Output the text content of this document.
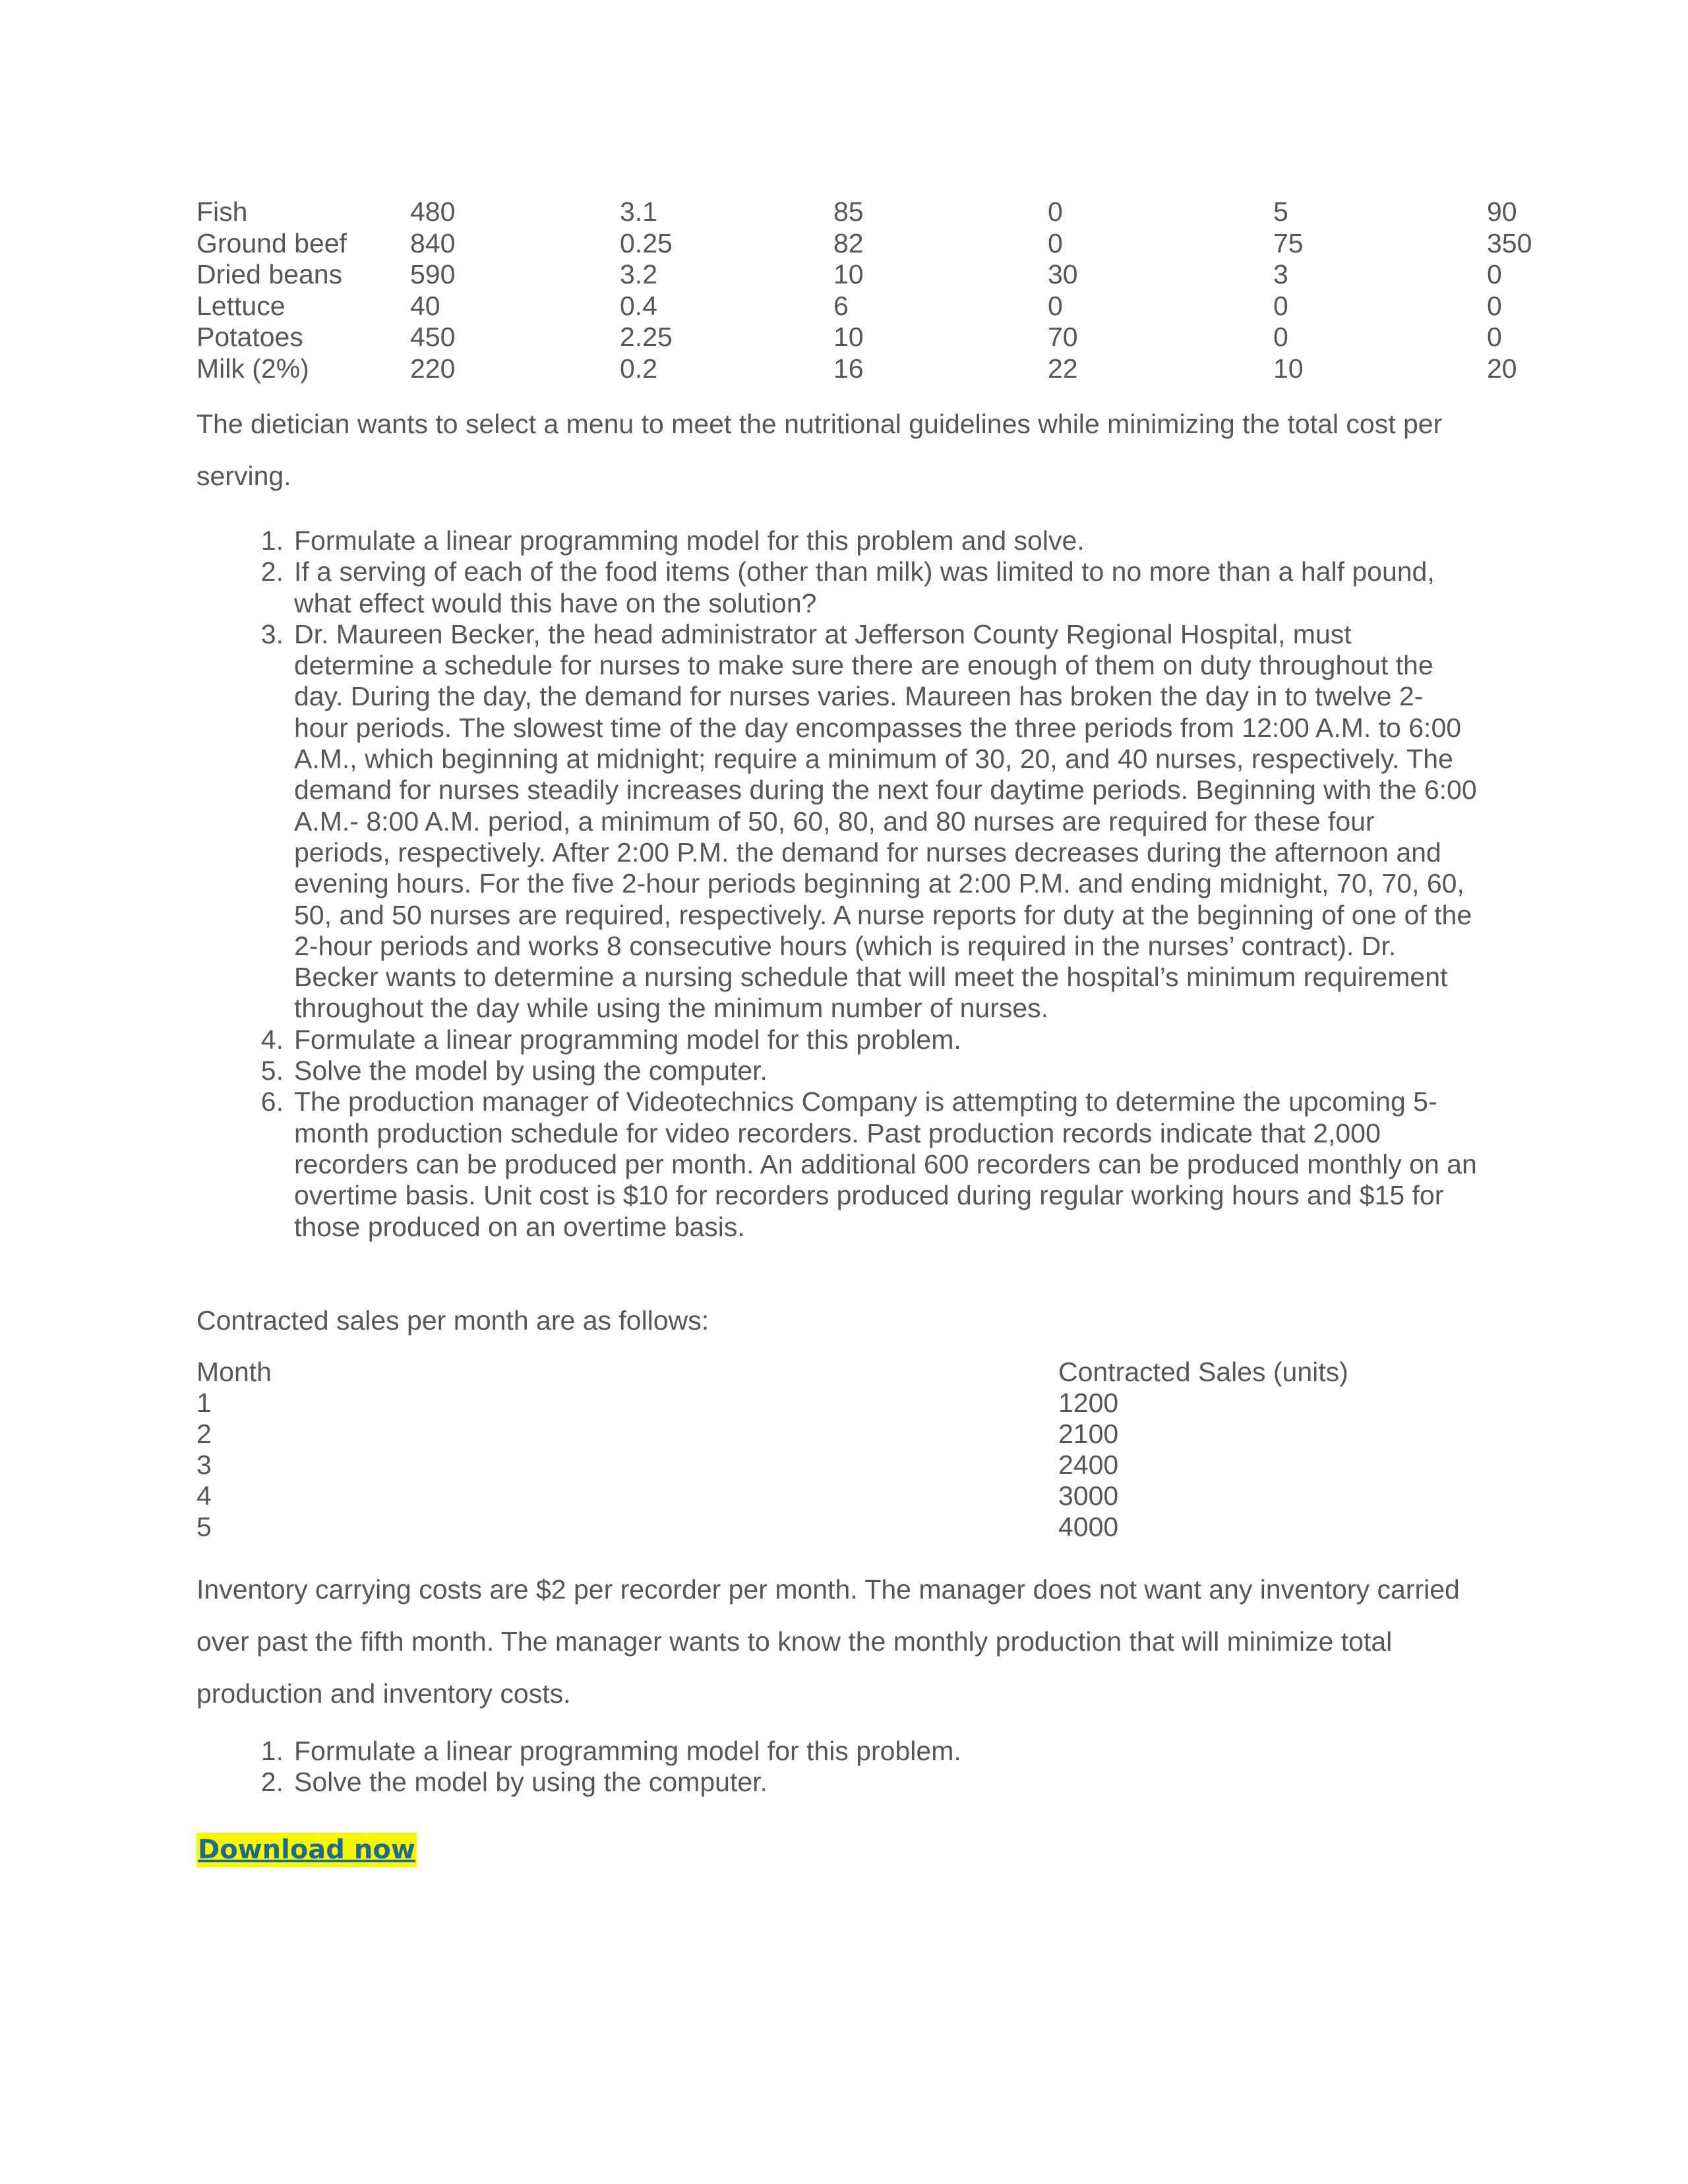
Fish	480	3.1	85	0	5	90
Ground beef	840	0.25	82	0	75	350
Dried beans	590	3.2	10	30	3	0
Lettuce	40	0.4	6	0	0	0
Potatoes	450	2.25	10	70	0	0
Milk (2%)	220	0.2	16	22	10	20
The dietician wants to select a menu to meet the nutritional guidelines while minimizing the total cost per serving.
1 . Formulate a linear programming model for this problem and solve.
2 . If a serving of each of the food items (other than milk) was limited to no more than a half pound, what effect would this have on the solution?
3 . Dr. Maureen Becker, the head administrator at Jefferson County Regional Hospital, must determine a schedule for nurses to make sure there are enough of them on duty throughout the day. During the day, the demand for nurses varies. Maureen has broken the day in to twelve 2-hour periods. The slowest time of the day encompasses the three periods from 12:00 A.M. to 6:00 A.M., which beginning at midnight; require a minimum of 30, 20, and 40 nurses, respectively. The demand for nurses steadily increases during the next four daytime periods. Beginning with the 6:00 A.M.- 8:00 A.M. period, a minimum of 50, 60, 80, and 80 nurses are required for these four periods, respectively. After 2:00 P.M. the demand for nurses decreases during the afternoon and evening hours. For the five 2-hour periods beginning at 2:00 P.M. and ending midnight, 70, 70, 60, 50, and 50 nurses are required, respectively. A nurse reports for duty at the beginning of one of the 2-hour periods and works 8 consecutive hours (which is required in the nurses’ contract). Dr. Becker wants to determine a nursing schedule that will meet the hospital’s minimum requirement throughout the day while using the minimum number of nurses.
4 . Formulate a linear programming model for this problem.
5 . Solve the model by using the computer.
6 . The production manager of Videotechnics Company is attempting to determine the upcoming 5-month production schedule for video recorders. Past production records indicate that 2,000 recorders can be produced per month. An additional 600 recorders can be produced monthly on an overtime basis. Unit cost is $10 for recorders produced during regular working hours and $15 for those produced on an overtime basis.
Contracted sales per month are as follows:
Month	Contracted Sales (units)
1	1200
2	2100
3	2400
4	3000
5	4000
Inventory carrying costs are $2 per recorder per month. The manager does not want any inventory carried over past the fifth month. The manager wants to know the monthly production that will minimize total production and inventory costs.
1 . Formulate a linear programming model for this problem.
2 . Solve the model by using the computer.
Download now
